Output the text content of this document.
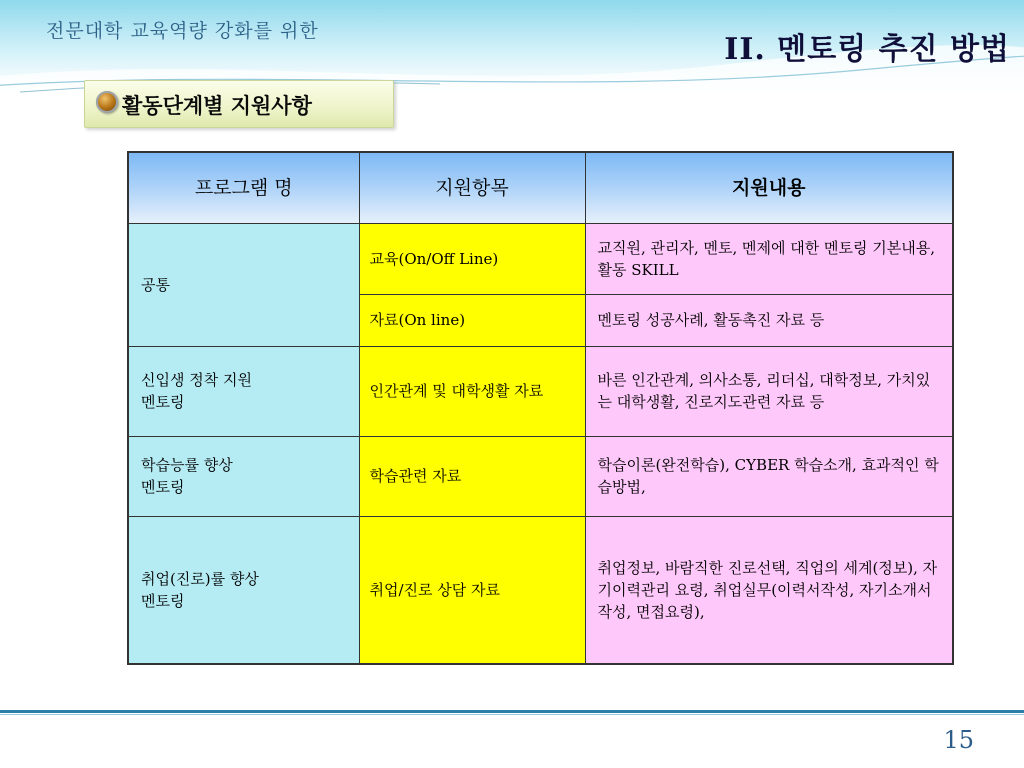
전문대학 교육역량 강화를 위한
II. 멘토링 추진 방법
활동단계별 지원사항
프로그램 명	지원항목	지원내용

공통	교육(On/Off Line)	교직원, 관리자, 멘토, 멘제에 대한 멘토링 기본내용, 활동 SKILL
	자료(On line)	멘토링 성공사례, 활동촉진 자료 등

신입생 정착 지원
멘토링	인간관계 및 대학생활 자료	바른 인간관계, 의사소통, 리더십, 대학정보, 가치있는 대학생활, 진로지도관련 자료 등

학습능률 향상
멘토링	학습관련 자료	학습이론(완전학습), CYBER 학습소개, 효과적인 학습방법,

취업(진로)률 향상
멘토링	취업/진로 상담 자료	취업정보, 바람직한 진로선택, 직업의 세계(정보), 자기이력관리 요령, 취업실무(이력서작성, 자기소개서작성, 면접요령),
15
